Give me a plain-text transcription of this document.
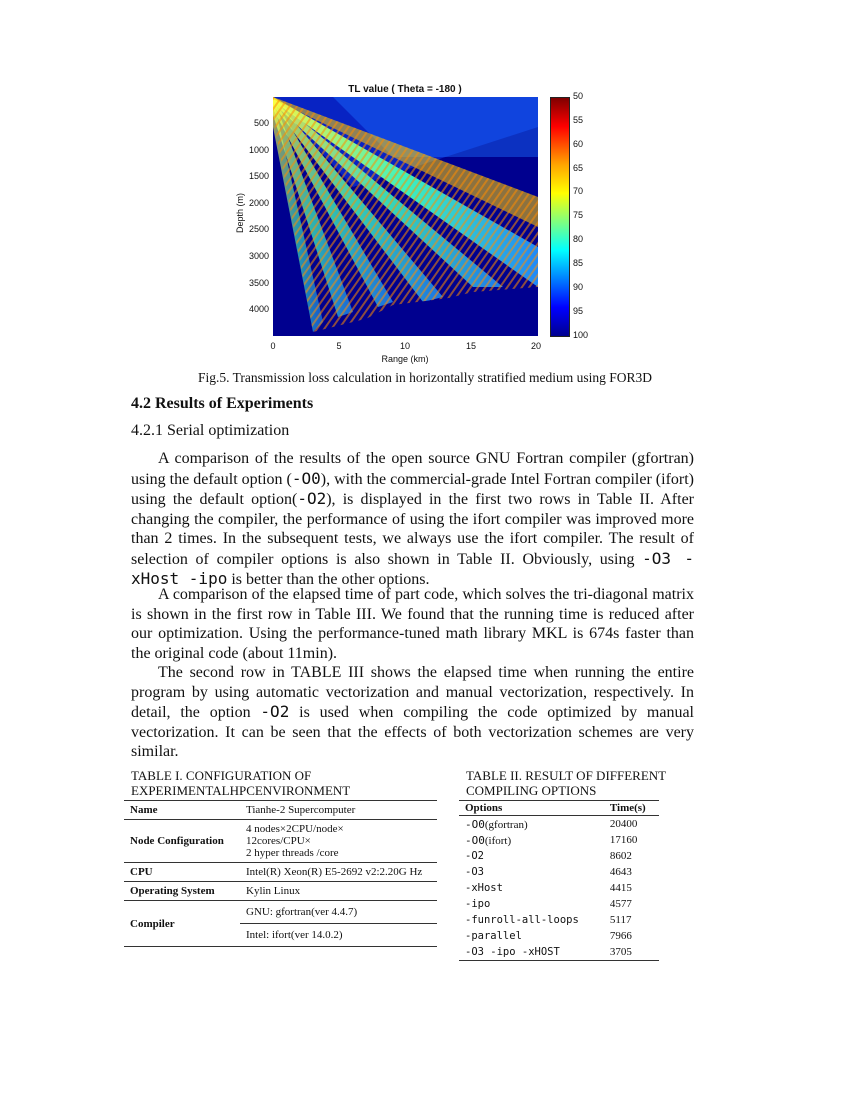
TL value ( Theta = -180 )
500
1000
1500
2000
2500
3000
3500
4000
0	5	10	15	20
Depth (m)
Range (km)
50
55
60
65
70
75
80
85
90
95
100
Fig.5. Transmission loss calculation in horizontally stratified medium using FOR3D
4.2 Results of Experiments
4.2.1 Serial optimization
A comparison of the results of the open source GNU Fortran compiler (gfortran) using the default option (-O0), with the commercial-grade Intel Fortran compiler (ifort) using the default option(-O2), is displayed in the first two rows in Table II. After changing the compiler, the performance of using the ifort compiler was improved more than 2 times. In the subsequent tests, we always use the ifort compiler. The result of selection of compiler options is also shown in Table II. Obviously, using -O3 -xHost -ipo is better than the other options.
A comparison of the elapsed time of part code, which solves the tri-diagonal matrix is shown in the first row in Table III. We found that the running time is reduced after our optimization. Using the performance-tuned math library MKL is 674s faster than the original code (about 11min).
The second row in TABLE III shows the elapsed time when running the entire program by using automatic vectorization and manual vectorization, respectively. In detail, the option -O2 is used when compiling the code optimized by manual vectorization. It can be seen that the effects of both vectorization schemes are very similar.
TABLE I. CONFIGURATION OF EXPERIMENTALHPCENVIRONMENT
Name	Tianhe-2 Supercomputer
Node Configuration	4 nodes×2CPU/node×
12cores/CPU×
2 hyper threads /core

CPU	Intel(R) Xeon(R) E5-2692 v2:2.20G Hz
Operating System	Kylin Linux
Compiler	GNU: gfortran(ver 4.4.7)
	Intel: ifort(ver 14.0.2)
TABLE II. RESULT OF DIFFERENT COMPILING OPTIONS
Options	Time(s)
-O0(gfortran)	20400
-O0(ifort)	17160
-O2	8602
-O3	4643
-xHost	4415
-ipo	4577
-funroll-all-loops	5117
-parallel	7966
-O3 -ipo -xHOST	3705
